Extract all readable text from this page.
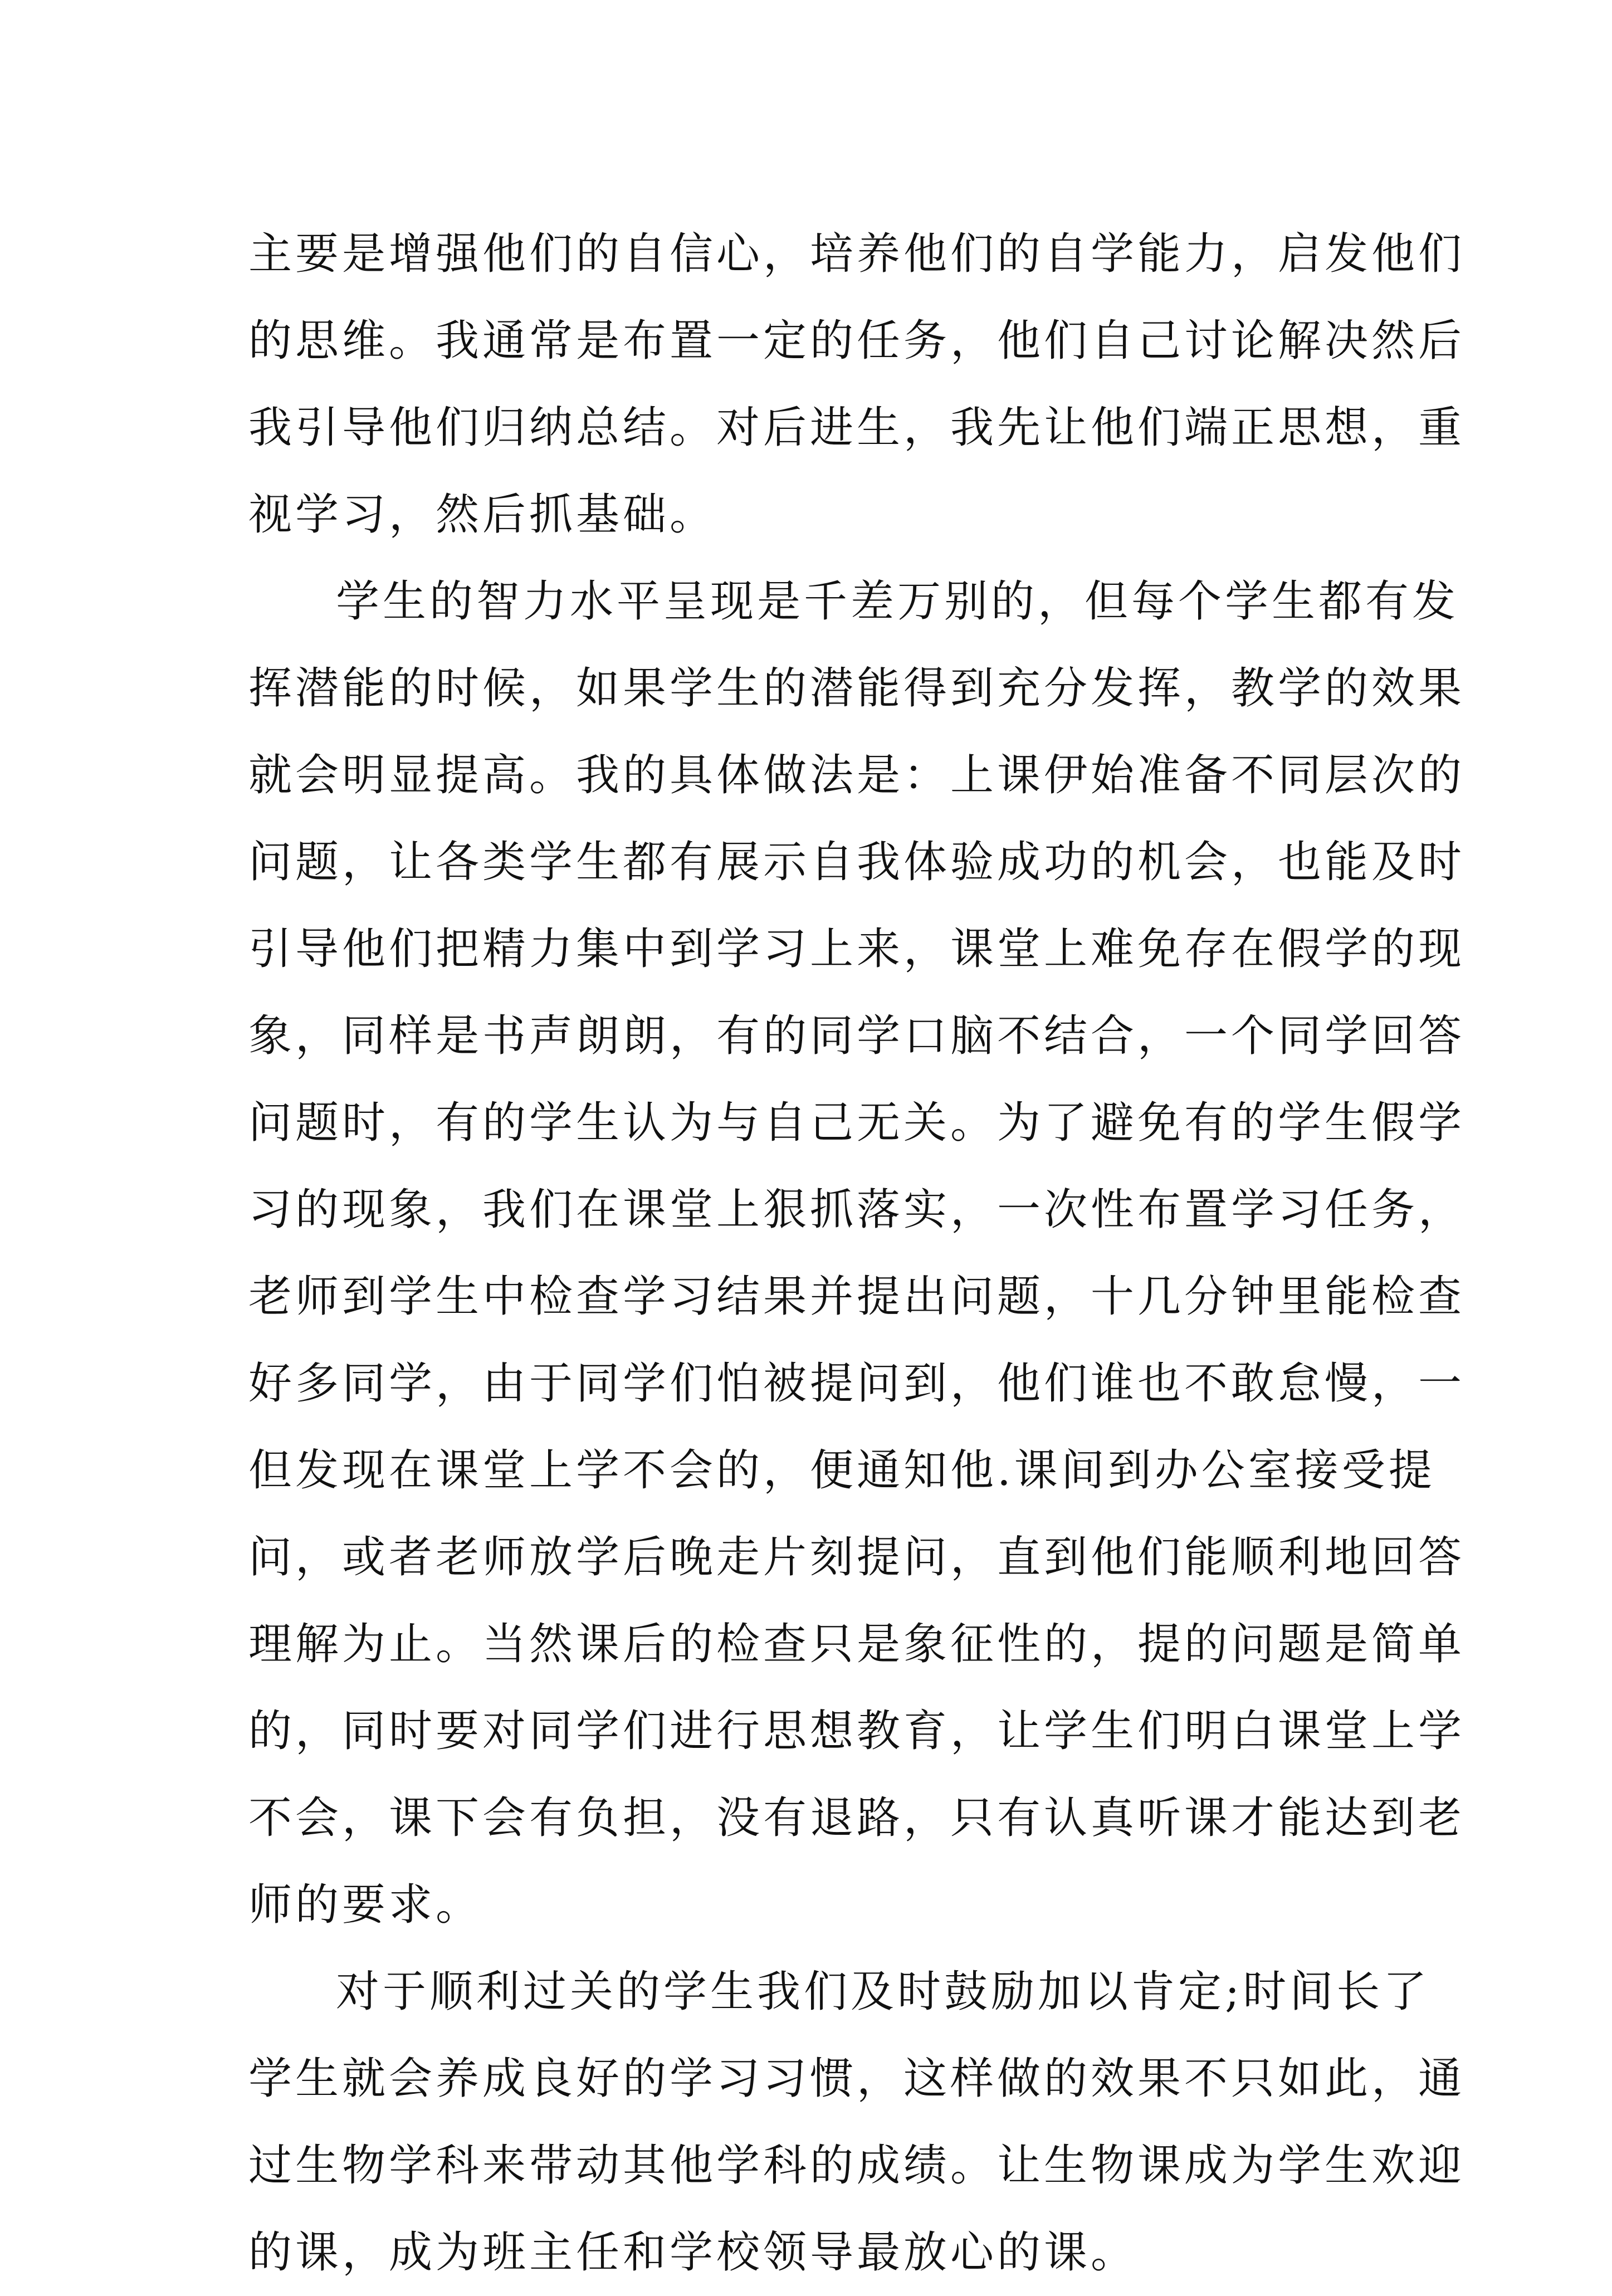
主要是增强他们的自信心，培养他们的自学能力，启发他们
的思维。我通常是布置一定的任务，他们自己讨论解决然后
我引导他们归纳总结。对后进生，我先让他们端正思想，重
视学习，然后抓基础。
学生的智力水平呈现是千差万别的，但每个学生都有发
挥潜能的时候，如果学生的潜能得到充分发挥，教学的效果
就会明显提高。我的具体做法是：上课伊始准备不同层次的
问题，让各类学生都有展示自我体验成功的机会，也能及时
引导他们把精力集中到学习上来，课堂上难免存在假学的现
象，同样是书声朗朗，有的同学口脑不结合，一个同学回答
问题时，有的学生认为与自己无关。为了避免有的学生假学
习的现象，我们在课堂上狠抓落实，一次性布置学习任务，
老师到学生中检查学习结果并提出问题，十几分钟里能检查
好多同学，由于同学们怕被提问到，他们谁也不敢怠慢，一
但发现在课堂上学不会的，便通知他.课间到办公室接受提
问，或者老师放学后晚走片刻提问，直到他们能顺利地回答
理解为止。当然课后的检查只是象征性的，提的问题是简单
的，同时要对同学们进行思想教育，让学生们明白课堂上学
不会，课下会有负担，没有退路，只有认真听课才能达到老
师的要求。
对于顺利过关的学生我们及时鼓励加以肯定;时间长了
学生就会养成良好的学习习惯，这样做的效果不只如此，通
过生物学科来带动其他学科的成绩。让生物课成为学生欢迎
的课，成为班主任和学校领导最放心的课。
